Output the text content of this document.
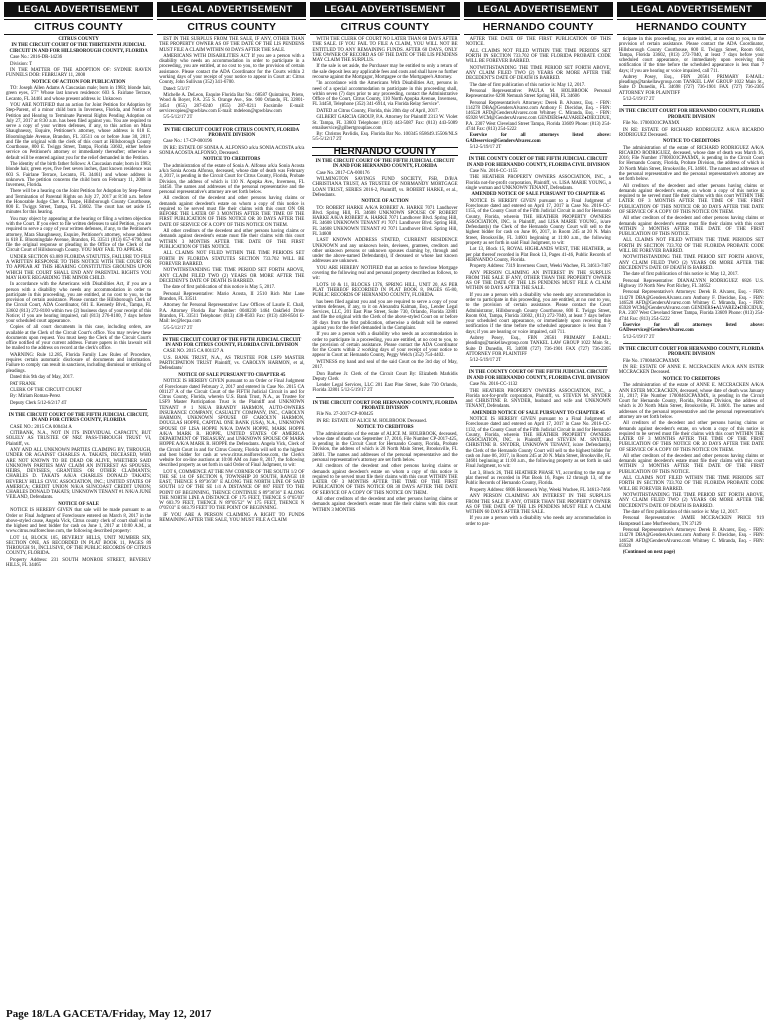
LEGAL ADVERTISEMENT
CITRUS COUNTY

CITRUS COUNTY

IN THE CIRCUIT COURT OF THE THIRTEENTH JUDICIAL CIRCUIT IN AND FOR HILLSBOROUGH COUNTY, FLORIDA

Case No.: 2016-DR-14236

Division: T

IN THE MATTER OF THE ADOPTION OF: SYDNIE RAVEN FUNNELS DOB: FEBRUARY 11, 2008

NOTICE OF ACTION FOR PUBLICATION

TO: Joseph Allen Adams A Caucasian male; born in 1983; blonde hair, green eyes, 5'7" Whose last known residence: 603 S. Fairlane Terrace, Lecanto, FL 34461 and whose present address is: Unknown

YOU ARE NOTIFIED that an action for Joint Petition for Adoption by Step-Parent, of a minor child born in Inverness, Florida, and Notice of Petition and Hearing to Terminate Parental Rights Pending Adoption on July 27, 2017 at 8:30 a.m. has been filed against you. You are required to serve a copy of your written defenses, if any, to this action on Mara Shaughnessy, Esquire, Petitioner's attorney, whose address is 618 E. Bloomingdale Avenue, Brandon, FL 33511 on or before June 30, 2017, and file the original with the clerk of this court at Hillsborough County Courthouse, 800 E. Twiggs Street, Tampa, Florida 33602, either before service on Petitioner's attorney or immediately thereafter; otherwise a default will be entered against you for the relief demanded in the Petition.

The identity of the birth father follows: A Caucasian male; born in 1983; blonde hair, green eyes, five feet seven inches, (last known residence was 603 S. Fairlane Terrace, Lecanto, FL 34461) and whose address is unknown. The petition concerns the child born on February 11, 2008 in Inverness, Florida.

There will be a hearing on the Joint Petition for Adoption by Step-Parent and Termination of Parental Rights on July 27, 2017 at 8:30 a.m. before the Honorable Judge Chet A. Tharpe, Hillsborough County Courthouse, 800 E. Twiggs Street, Tampa, FL 33602. The court has set aside 15 minutes for this hearing.

You may object by appearing at the hearing or filing a written objection with the Court. If you elect to file written defenses to said Petition, you are required to serve a copy of your written defenses, if any, to the Petitioner's attorney, Mara Shaughnessy, Esquire, Petitioner's attorney, whose address is 618 E. Bloomingdale Avenue, Brandon, FL 33511 (813) 657-6790, and file the original response or pleading in the Office of the Clerk of the Circuit Court of Hillsborough County. YOU MAY FAIL TO APPEAR.

UNDER SECTION 63.089 FLORIDA STATUTES, FAILURE TO FILE A WRITTEN RESPONSE TO THIS NOTICE WITH THE COURT OR TO APPEAR AT THIS HEARING CONSTITUTES GROUNDS UPON WHICH THE COURT SHALL END ANY PARENTAL RIGHTS YOU MAY HAVE REGARDING THE MINOR CHILD.

In accordance with the Americans with Disabilities Act, if you are a person with a disability who needs any accommodation in order to participate in this proceeding, you are entitled, at no cost to you, to the provision of certain assistance. Please contact the Hillsborough Clerk of the Circuit Court, ADA Coordinator, 601 E. Kennedy Blvd., Tampa, FL 33602 (813) 272-8100 within two (2) business days of your receipt of this Notice; if you are hearing impaired, call (813) 276-8100, 7 days before your scheduled court appearance.

Copies of all court documents in this case, including orders, are available at the Clerk of the Circuit Court's office. You may review these documents upon request. You must keep the Clerk of the Circuit Court's office notified of your current address. Future papers in this lawsuit will be mailed to the address on record at the clerk's office.

WARNING: Rule 12.285, Florida Family Law Rules of Procedure, requires certain automatic disclosure of documents and information. Failure to comply can result in sanctions, including dismissal or striking of pleadings.

Dated this 9th day of May, 2017.

PAT FRANK

CLERK OF THE CIRCUIT COURT

By: Miriam Roman-Perez

Deputy Clerk 5/12-6/2/17 4T

IN THE CIRCUIT COURT OF THE FIFTH JUDICIAL CIRCUIT, IN AND FOR CITRUS COUNTY, FLORIDA

CASE NO.: 2015 CA 000434 A

CITIBANK, N.A., NOT IN ITS INDIVIDUAL CAPACITY, BUT SOLELY AS TRUSTEE OF NRZ PASS-THROUGH TRUST VI, Plaintiff, vs.

ANY AND ALL UNKNOWN PARTIES CLAIMING BY, THROUGH, UNDER OR AGAINST CHARLES A. TAKATS, DECEASED, WHO ARE NOT KNOWN TO BE DEAD OR ALIVE, WHETHER SAID UNKNOWN PARTIES MAY CLAIM AN INTEREST AS SPOUSES, HEIRS, DEVISEES, GRANTEES OR OTHER CLAIMANTS; CHARLES D. TAKATS A/K/A CHARLES DONALD TAKATS; BEVERLY HILLS CIVIC ASSOCIATION, INC.; UNITED STATES OF AMERICA; CREDIT UNION N/K/A SUNCOAST CREDIT UNION; CHARLES DONALD TAKATS; UNKNOWN TENANT #1 N/K/A JUNE VEILAND, Defendants.

NOTICE OF SALE

NOTICE IS HEREBY GIVEN that sale will be made pursuant to an Order or Final Judgment of Foreclosure entered on March 8, 2017 in the above-styled cause, Angela Vick, Citrus county clerk of court shall sell to the highest and best bidder for cash on June 1, 2017 at 10:00 A.M., at www.citrus.realforeclose.com, the following described property:

LOT 14, BLOCK 105, BEVERLY HILLS, UNIT NUMBER SIX, SECTION ONE, AS RECORDED IN PLAT BOOK 11, PAGES 89 THROUGH 91, INCLUSIVE, OF THE PUBLIC RECORDS OF CITRUS COUNTY, FLORIDA.

Property Address: 231 SOUTH MONROE STREET, BEVERLY HILLS, FL 34465

LEGAL ADVERTISEMENT
CITRUS COUNTY

EST IN THE SURPLUS FROM THE SALE, IF ANY, OTHER THAN THE PROPERTY OWNER AS OF THE DATE OF THE LIS PENDENS MUST FILE A CLAIM WITHIN 60 DAYS AFTER THE SALE.

AMERICANS WITH DISABILITIES ACT If you are a person with a disability who needs an accommodation in order to participate in a proceeding, you are entitled, at no cost to you, to the provision of certain assistance. Please contact the ADA Coordinator for the Courts within 2 working days of your receipt of your notice to appear in Court at: Citrus County, John Sullivan (352) 341-6700.

Dated: 5/3/17

Michelle A. DeLeon, Esquire Florida Bar No.: 68587 Quintairos, Prieto, Wood & Boyer, P.A. 255 S. Orange Ave., Ste. 900 Orlando, FL 32801-3454 (855) 287-0240 (855) 287-0211 Facsimile E-mail: servicecopies@qpwblaw.com E-mail: mdeleon@qpwblaw.com

5/5-5/12/17 2T

IN THE CIRCUIT COURT FOR CITRUS COUNTY, FLORIDA PROBATE DIVISION

Case No.: 17-CP-000196

IN RE: ESTATE OF SONIA A. ALFONSO a/k/a SONIA ACOSTA a/k/a SONIA ACOSTA ALFONSO, Deceased.

NOTICE TO CREDITORS

The administration of the estate of Sonia A. Alfonso a/k/a Sonia Acosta a/k/a Sonia Acosta Alfonso, deceased, whose date of death was February 4, 2017, is pending in the Circuit Court for Citrus County, Florida, Probate Division, the address of which is 110 N. Apopka Ave., Inverness, FL 34450. The names and addresses of the personal representative and the personal representative's attorney are set forth below.

All creditors of the decedent and other persons having claims or demands against decedent's estate on whom a copy of this notice is required to be served must file their claims with this court ON OR BEFORE THE LATER OF 3 MONTHS AFTER THE TIME OF THE FIRST PUBLICATION OF THIS NOTICE OR 30 DAYS AFTER THE DATE OF SERVICE OF A COPY OF THIS NOTICE ON THEM.

All other creditors of the decedent and other persons having claims or demands against decedent's estate must file their claims with this court WITHIN 3 MONTHS AFTER THE DATE OF THE FIRST PUBLICATION OF THIS NOTICE.

ALL CLAIMS NOT FILED WITHIN THE TIME PERIODS SET FORTH IN FLORIDA STATUTES SECTION 733.702 WILL BE FOREVER BARRED.

NOTWITHSTANDING THE TIME PERIOD SET FORTH ABOVE, ANY CLAIM FILED TWO (2) YEARS OR MORE AFTER THE DECEDENT'S DATE OF DEATH IS BARRED.

The date of first publication of this notice is May 5, 2017.

Personal Representative: Mario Acosta, II 2510 Rich Mar Lane Brandon, FL 33511

Attorney for Personal Representative: Law Offices of Laurie E. Chall, P.A. Attorney Florida Bar Number: 0040230 1464 Oakfield Drive Brandon, FL 33511 Telephone: (813) 438-8503 Fax: (813) 438-8504 E-Mail: lec@lecpa.com

5/5-5/12/17 2T

IN THE CIRCUIT COURT OF THE FIFTH JUDICIAL CIRCUIT IN AND FOR CITRUS COUNTY, FLORIDA CIVIL DIVISION

CASE NO. 2015 CA 001127 A

U.S. BANK TRUST, N.A., AS TRUSTEE FOR LSF9 MASTER PARTICIPATION TRUST Plaintiff, vs. CAROLYN HARMON, et al, Defendants/

NOTICE OF SALE PURSUANT TO CHAPTER 45

NOTICE IS HEREBY GIVEN pursuant to an Order or Final Judgment of Foreclosure dated February 2, 2017 and entered in Case No. 2015 CA 001127 A of the Circuit Court of the FIFTH Judicial Circuit in and for Citrus County, Florida, wherein U.S. Bank Trust, N.A., as Trustee for LSF9 Master Participation Trust is the Plaintiff and UNKNOWN TENANT # 1 N/K/A BRANDY HARMON, AUTO-OWNERS INSURANCE COMPANY, CASUALTY COMPANY, INC., CAROLYN HARMON, UNKNOWN SPOUSE OF CAROLYN HARMON, DOUGLAS HOPPE, CAPITAL ONE BANK (USA), N.A., UNKNOWN SPOUSE OF LISA HOPPE N/K/A DAWN HOPPE, MARK HOPPE A/K/A MARK R. HOPPE, UNITED STATES OF AMERICA DEPARTMENT OF TREASURY, and UNKNOWN SPOUSE OF MARK HOPPE A/K/A MARK R. HOPPE the Defendants. Angela Vick, Clerk of the Circuit Court in and for Citrus County, Florida will sell to the highest and best bidder for cash at www.citrus.realforeclose.com, the Clerk's website for on-line auctions at 10:00 AM on June 8, 2017, the following described property as set forth in said Order of Final Judgment, to wit:

LOT 6, COMMENCE AT THE NW CORNER OF THE SOUTH 1/2 OF THE SE 1/4 OF SECTION 6, TOWNSHIP 20 SOUTH, RANGE 18 EAST, THENCE S 89°36'36" E ALONG THE NORTH LINE OF SAID SOUTH 1/2 OF THE SE 1/4 A DISTANCE OF 887 FEET TO THE POINT OF BEGINNING, THENCE CONTINUE S 89°36'36" E ALONG THE NORTH LINE A DISTANCE OF 175 FEET, THENCE S 0°05'03" W 603.79 FEET, THENCE N 89°05'52" W 175 FEET, THENCE N 0°05'03" E 603.79 FEET TO THE POINT OF BEGINNING.

IF YOU ARE A PERSON CLAIMING A RIGHT TO FUNDS REMAINING AFTER THE SALE, YOU MUST FILE A CLAIM

LEGAL ADVERTISEMENT
CITRUS COUNTY

WITH THE CLERK OF COURT NO LATER THAN 60 DAYS AFTER THE SALE. IF YOU FAIL TO FILE A CLAIM, YOU WILL NOT BE ENTITLED TO ANY REMAINING FUNDS. AFTER 60 DAYS, ONLY THE OWNER OF RECORD AS OF THE DATE OF THE LIS PENDENS MAY CLAIM THE SURPLUS.

If the sale is set aside, the Purchaser may be entitled to only a return of the sale deposit less any applicable fees and costs and shall have no further recourse against the Mortgagor, Mortgagee or the Mortgagee's Attorney.

"In accordance with the Americans With Disabilities Act, persons in need of a special accommodation to participate in this proceeding shall, within seven (7) days prior to any proceeding, contact the Administrative Office of the Court, Citrus County, 110 North Apopka Avenue, Inverness, FL 34450, Telephone (352) 341-6914, via Florida Relay Service".

DATED at Citrus County, Florida, this 20th day of April, 2017.

GILBERT GARCIA GROUP, P.A. Attorney for Plaintiff 2313 W. Violet St. Tampa, FL 33603 Telephone: (813) 443-5087 Fax: (813) 443-5089 emailservice@gilbertgrouplaw.com

By: Christos Pavlidis, Esq. Florida Bar No. 100345 858649.15506/NLS 5/5-5/12/17 2T

HERNANDO COUNTY

IN THE CIRCUIT COURT OF THE FIFTH JUDICIAL CIRCUIT IN AND FOR HERNANDO COUNTY, FLORIDA

Case No. 2017-CA-000176

WILMINGTON SAVINGS FUND SOCIETY, FSB, D/B/A CHRISTIANA TRUST, AS TRUSTEE OF NORMANDY MORTGAGE LOAN TRUST, SERIES 2016-2, Plaintiff, vs. ROBERT HARKE, et al., Defendants.

NOTICE OF ACTION

TO: ROBERT HARKE A/K/A ROBERT A. HARKE 7071 Landhover Blvd. Spring Hill, FL 34608 UNKNOWN SPOUSE OF ROBERT HARKE A/K/A ROBERT A. HARKE 7071 Landhover Blvd. Spring Hill, FL 34608 UNKNOWN TENANT #1 7071 Landhover Blvd. Spring Hill, FL 34608 UNKNOWN TENANT #2 7071 Landhover Blvd. Spring Hill, FL 34608

LAST KNOWN ADDRESS STATED, CURRENT RESIDENCE UNKNOWN and any unknown heirs, devisees, grantees, creditors and other unknown persons or unknown spouses claiming by, through and under the above-named Defendant(s), if deceased or whose last known addresses are unknown.

YOU ARE HEREBY NOTIFIED that an action to foreclose Mortgage covering the following real and personal property described as follows, to wit:

LOTS 10 & 11, BLOCKS 1376, SPRING HILL, UNIT 20, AS PER PLAT THEREOF RECORDED IN PLAT BOOK 8, PAGES 65-80, PUBLIC RECORDS OF HERNANDO COUNTY, FLORIDA.

has been filed against you and you are required to serve a copy of your written defenses, if any, to it on Alexandra Kalman, Esq., Lender Legal Services, LLC, 201 East Pine Street, Suite 730, Orlando, Florida 32801 and file the original with the Clerk of the above-styled Court on or before 30 days from the first publication, otherwise a default will be entered against you for the relief demanded in the Complaint.

If you are a person with a disability who needs an accommodation in order to participate in a proceeding, you are entitled, at no cost to you, to the provision of certain assistance. Please contact the ADA Coordinator for the Courts within 2 working days of your receipt of your notice to appear in Court at: Hernando County, Peggy Welch (352) 754-4402.

WITNESS my hand and seal of the said Court on the 3rd day of May, 2017.

Don Barbee Jr. Clerk of the Circuit Court By: Elizabeth Markidis Deputy Clerk

Lender Legal Services, LLC 201 East Pine Street, Suite 730 Orlando, Florida 32801 5/12-5/19/17 2T

IN THE CIRCUIT COURT FOR HERNANDO COUNTY, FLORIDA PROBATE DIVISION

File No. 27-2017-CP-000425

IN RE: ESTATE OF ALICE M. HOLBROOK Deceased.

NOTICE TO CREDITORS

The administration of the estate of ALICE M. HOLBROOK, deceased, whose date of death was September 17, 2016, File Number CP-2017-425, is pending in the Circuit Court for Hernando County, Florida, Probate Division, the address of which is 20 North Main Street, Brooksville, FL 34601. The names and addresses of the personal representative and the personal representative's attorney are set forth below.

All creditors of the decedent and other persons having claims or demands against decedent's estate on whom a copy of this notice is required to be served must file their claims with this court WITHIN THE LATER OF 3 MONTHS AFTER THE TIME OF THE FIRST PUBLICATION OF THIS NOTICE OR 30 DAYS AFTER THE DATE OF SERVICE OF A COPY OF THIS NOTICE ON THEM.

All other creditors of the decedent and other persons having claims or demands against decedent's estate must file their claims with this court WITHIN 3 MONTHS

LEGAL ADVERTISEMENT
HERNANDO COUNTY

AFTER THE DATE OF THE FIRST PUBLICATION OF THIS NOTICE.

ALL CLAIMS NOT FILED WITHIN THE TIME PERIODS SET FORTH IN SECTION 733.702 OF THE FLORIDA PROBATE CODE WILL BE FOREVER BARRED.

NOTWITHSTANDING THE TIME PERIOD SET FORTH ABOVE, ANY CLAIM FILED TWO (2) YEARS OR MORE AFTER THE DECEDENT'S DATE OF DEATH IS BARRED.

The date of first publication of this notice is: May 12, 2017.

Personal Representative: PAULA M. HOLBROOK Personal Representative 6298 Nemnah Street Spring Hill, FL 34606

Personal Representative's Attorneys: Derek B. Alvarez, Esq. - FBN: 114278 DBA@GendersAlvarez.com Anthony F. Diecidue, Esq. - FBN: 146528 AFD@GendersAlvarez.com Whitney C. Miranda, Esq. - FBN: 65928 WCM@GendersAlvarez.com GENDERS♦ALVAREZ♦DIECIDUE, P.A. 2307 West Cleveland Street Tampa, Florida 33609 Phone: (813) 254-4744 Fax: (813) 254-5222

Eservice for all attorneys listed above: GADeservice@GendersAlvarez.com

5/12-5/19/17 2T

IN THE COUNTY COURT OF THE FIFTH JUDICIAL CIRCUIT IN AND FOR HERNANDO COUNTY, FLORIDA CIVIL DIVISION

Case No. 2016-CC-1155

THE HEATHER PROPERTY OWNERS ASSOCIATION, INC., a Florida not-for-profit corporation, Plaintiff, vs. LISA MARIE YOUNG, a single woman and UNKNOWN TENANT, Defendants.

AMENDED NOTICE OF SALE PURSUANT TO CHAPTER 45

NOTICE IS HEREBY GIVEN pursuant to a Final Judgment of Foreclosure dated and entered on April 17, 2017 in Case No. 2016-CC-1155, of the County Court of the Fifth Judicial Circuit in and for Hernando County, Florida, wherein THE HEATHER PROPERTY OWNERS ASSOCIATION, INC. is Plaintiff, and LISA MARIE YOUNG, is/are Defendant(s) the Clerk of the Hernando County Court will sell to the highest bidder for cash on June 06, 2017, in Room 245 at 20 N. Main Street, Brooksville, FL 34601 beginning at 11:00 a.m., the following property as set forth in said Final Judgment, to wit:

Lot 13, Block 15, ROYAL HIGHLANDS WEST, THE HEATHER, as per plat thereof recorded in Plat Book 13, Pages 41-46, Public Records of HERNANDO County, Florida.

Property Address: 7319 Inverness Court, Weeki Wachee, FL 34613-7467

ANY PERSON CLAIMING AN INTEREST IN THE SURPLUS FROM THE SALE IF ANY, OTHER THAN THE PROPERTY OWNER AS OF THE DATE OF THE LIS PENDENS MUST FILE A CLAIM WITHIN 60 DAYS AFTER THE SALE.

If you are a person with a disability who needs any accommodation in order to participate in this proceeding, you are entitled, at no cost to you, to the provision of certain assistance. Please contact the Court Administrator, Hillsborough County Courthouse, 800 E. Twiggs Street, Room 604, Tampa, Florida 33602, (813) 272-7040, at least 7 days before your scheduled court appearance, or immediately upon receiving this notification if the time before the scheduled appearance is less than 7 days; if you are hearing or voice impaired, call 711.

Aubrey Posey, Esq., FBN 20561 PRIMARY E-MAIL: pleadings@tankellawgroup.com TANKEL LAW GROUP 1022 Main St., Suite D Dunedin, FL 34698 (727) 736-1901 FAX (727) 736-2305 ATTORNEY FOR PLAINTIFF

5/12-5/19/17 2T

IN THE COUNTY COURT OF THE FIFTH JUDICIAL CIRCUIT IN AND FOR HERNANDO COUNTY, FLORIDA CIVIL DIVISION

Case No. 2016-CC-1132

THE HEATHER PROPERTY OWNERS ASSOCIATION, INC., a Florida not-for-profit corporation, Plaintiff, vs. STEVEN M. SNYDER and CHRISTINE B. SNYDER, husband and wife and UNKNOWN TENANT, Defendants.

AMENDED NOTICE OF SALE PURSUANT TO CHAPTER 45

NOTICE IS HEREBY GIVEN pursuant to a Final Judgment of Foreclosure dated and entered on April 17, 2017 in Case No. 2016-CC-1132, of the County Court of the Fifth Judicial Circuit in and for Hernando County, Florida, wherein THE HEATHER PROPERTY OWNERS ASSOCIATION, INC. is Plaintiff, and STEVEN M. SNYDER, CHRISTINE B. SNYDER, UNKNOWN TENANT, is/are Defendant(s) the Clerk of the Hernando County Court will sell to the highest bidder for cash on June 06, 2017, in Room 245 at 20 N. Main Street, Brooksville, FL 34601 beginning at 11:00 a.m., the following property as set forth in said Final Judgment, to wit:

Lot 3, Block 26, THE HEATHER PHASE VI, according to the map or plat thereof as recorded in Plat Book 16, Pages 12 through 13, of the Public Records of Hernando County, Florida.

Property Address: 6806 Horseneck Way, Weeki Wachee, FL 34613-7466

ANY PERSON CLAIMING AN INTEREST IN THE SURPLUS FROM THE SALE IF ANY, OTHER THAN THE PROPERTY OWNER AS OF THE DATE OF THE LIS PENDENS MUST FILE A CLAIM WITHIN 60 DAYS AFTER THE SALE.

If you are a person with a disability who needs any accommodation in order to par-

LEGAL ADVERTISEMENT
HERNANDO COUNTY

ticipate in this proceeding, you are entitled, at no cost to you, to the provision of certain assistance. Please contact the ADA Coordinator, Hillsborough County Courthouse, 800 E. Twiggs Street, Room 604, Tampa, Florida 33602, (813) 272-7040, at least 7 days before your scheduled court appearance, or immediately upon receiving this notification if the time before the scheduled appearance is less than 7 days; if you are hearing or voice impaired, call 711.

Aubrey Posey, Esq., FBN 20561 PRIMARY E-MAIL: pleadings@tankellawgroup.com TANKEL LAW GROUP 1022 Main St., Suite D Dunedin, FL 34698 (727) 736-1901 FAX (727) 736-2305 ATTORNEY FOR PLAINTIFF

5/12-5/19/17 2T

IN THE CIRCUIT COURT FOR HERNANDO COUNTY, FLORIDA PROBATE DIVISION

File No. 17000301CPAXMX

IN RE: ESTATE OF RICHARD RODRIGUEZ A/K/A RICARDO RODRIGUEZ Deceased.

NOTICE TO CREDITORS

The administration of the estate of RICHARD RODRIGUEZ A/K/A RICARDO RODRIGUEZ, deceased, whose date of death was March 16, 2016; File Number 17000301CPAXMX, is pending in the Circuit Court for Hernando County, Florida, Probate Division, the address of which is 20 North Main Street, Brooksville, FL 34601. The names and addresses of the personal representative and the personal representative's attorney are set forth below.

All creditors of the decedent and other persons having claims or demands against decedent's estate, on whom a copy of this notice is required to be served must file their claims with this court WITHIN THE LATER OF 3 MONTHS AFTER THE TIME OF THE FIRST PUBLICATION OF THIS NOTICE OR 30 DAYS AFTER THE DATE OF SERVICE OF A COPY OF THIS NOTICE ON THEM.

All other creditors of the decedent and other persons having claims or demands against decedent's estate must file their claims with this court WITHIN 3 MONTHS AFTER THE DATE OF THE FIRST PUBLICATION OF THIS NOTICE.

ALL CLAIMS NOT FILED WITHIN THE TIME PERIODS SET FORTH IN SECTION 733.702 OF THE FLORIDA PROBATE CODE WILL BE FOREVER BARRED.

NOTWITHSTANDING THE TIME PERIOD SET FORTH ABOVE, ANY CLAIM FILED TWO (2) YEARS OR MORE AFTER THE DECEDENT'S DATE OF DEATH IS BARRED.

The date of first publication of this notice is: May 12, 2017.

Personal Representative: DIANALYNN RODRIGUEZ 6826 U.S. Highway 19 North New Port Richey, FL 34652

Personal Representative's Attorneys: Derek B. Alvarez, Esq. - FBN: 114278 DBA@GendersAlvarez.com Anthony F. Diecidue, Esq. - FBN: 146528 AFD@GendersAlvarez.com Whitney C. Miranda, Esq. - FBN: 65928 WCM@GendersAlvarez.com GENDERS♦ALVAREZ♦DIECIDUE, P.A. 2307 West Cleveland Street Tampa, Florida 33609 Phone: (813) 254-4744 Fax: (813) 254-5222

Eservice for all attorneys listed above: GADeservice@GendersAlvarez.com

5/12-5/19/17 2T

IN THE CIRCUIT COURT FOR HERNANDO COUNTY, FLORIDA PROBATE DIVISION

File No. 17000462CPAXMX

IN RE: ESTATE OF ANNE E. MCCRACKEN A/K/A ANN ESTER MCCRACKEN Deceased.

NOTICE TO CREDITORS

The administration of the estate of ANNE E. MCCRACKEN A/K/A ANN ESTER MCCRACKEN, deceased, whose date of death was January 31, 2017; File Number 17000462CPAXMX, is pending in the Circuit Court for Hernando County, Florida, Probate Division, the address of which is 20 North Main Street, Brooksville, FL 34601. The names and addresses of the personal representative and the personal representative's attorney are set forth below.

All creditors of the decedent and other persons having claims or demands against decedent's estate, on whom a copy of this notice is required to be served must file their claims with this court WITHIN THE LATER OF 3 MONTHS AFTER THE TIME OF THE FIRST PUBLICATION OF THIS NOTICE OR 30 DAYS AFTER THE DATE OF SERVICE OF A COPY OF THIS NOTICE ON THEM.

All other creditors of the decedent and other persons having claims or demands against decedent's estate must file their claims with this court WITHIN 3 MONTHS AFTER THE DATE OF THE FIRST PUBLICATION OF THIS NOTICE.

ALL CLAIMS NOT FILED WITHIN THE TIME PERIODS SET FORTH IN SECTION 733.702 OF THE FLORIDA PROBATE CODE WILL BE FOREVER BARRED.

NOTWITHSTANDING THE TIME PERIOD SET FORTH ABOVE, ANY CLAIM FILED TWO (2) YEARS OR MORE AFTER THE DECEDENT'S DATE OF DEATH IS BARRED.

The date of first publication of this notice is: May 12, 2017.

Personal Representative: JAMIE MCCRACKEN PRICE 919 Hampstead Lane Murfreesboro, TN 37129

Personal Representative's Attorneys: Derek B. Alvarez, Esq. - FBN: 114278 DBA@GendersAlvarez.com Anthony F. Diecidue, Esq. - FBN: 146528 AFD@GendersAlvarez.com Whitney C. Miranda, Esq. - FBN: 65928

(Continued on next page)

Page 18/LA GACETA/Friday, May 12, 2017
